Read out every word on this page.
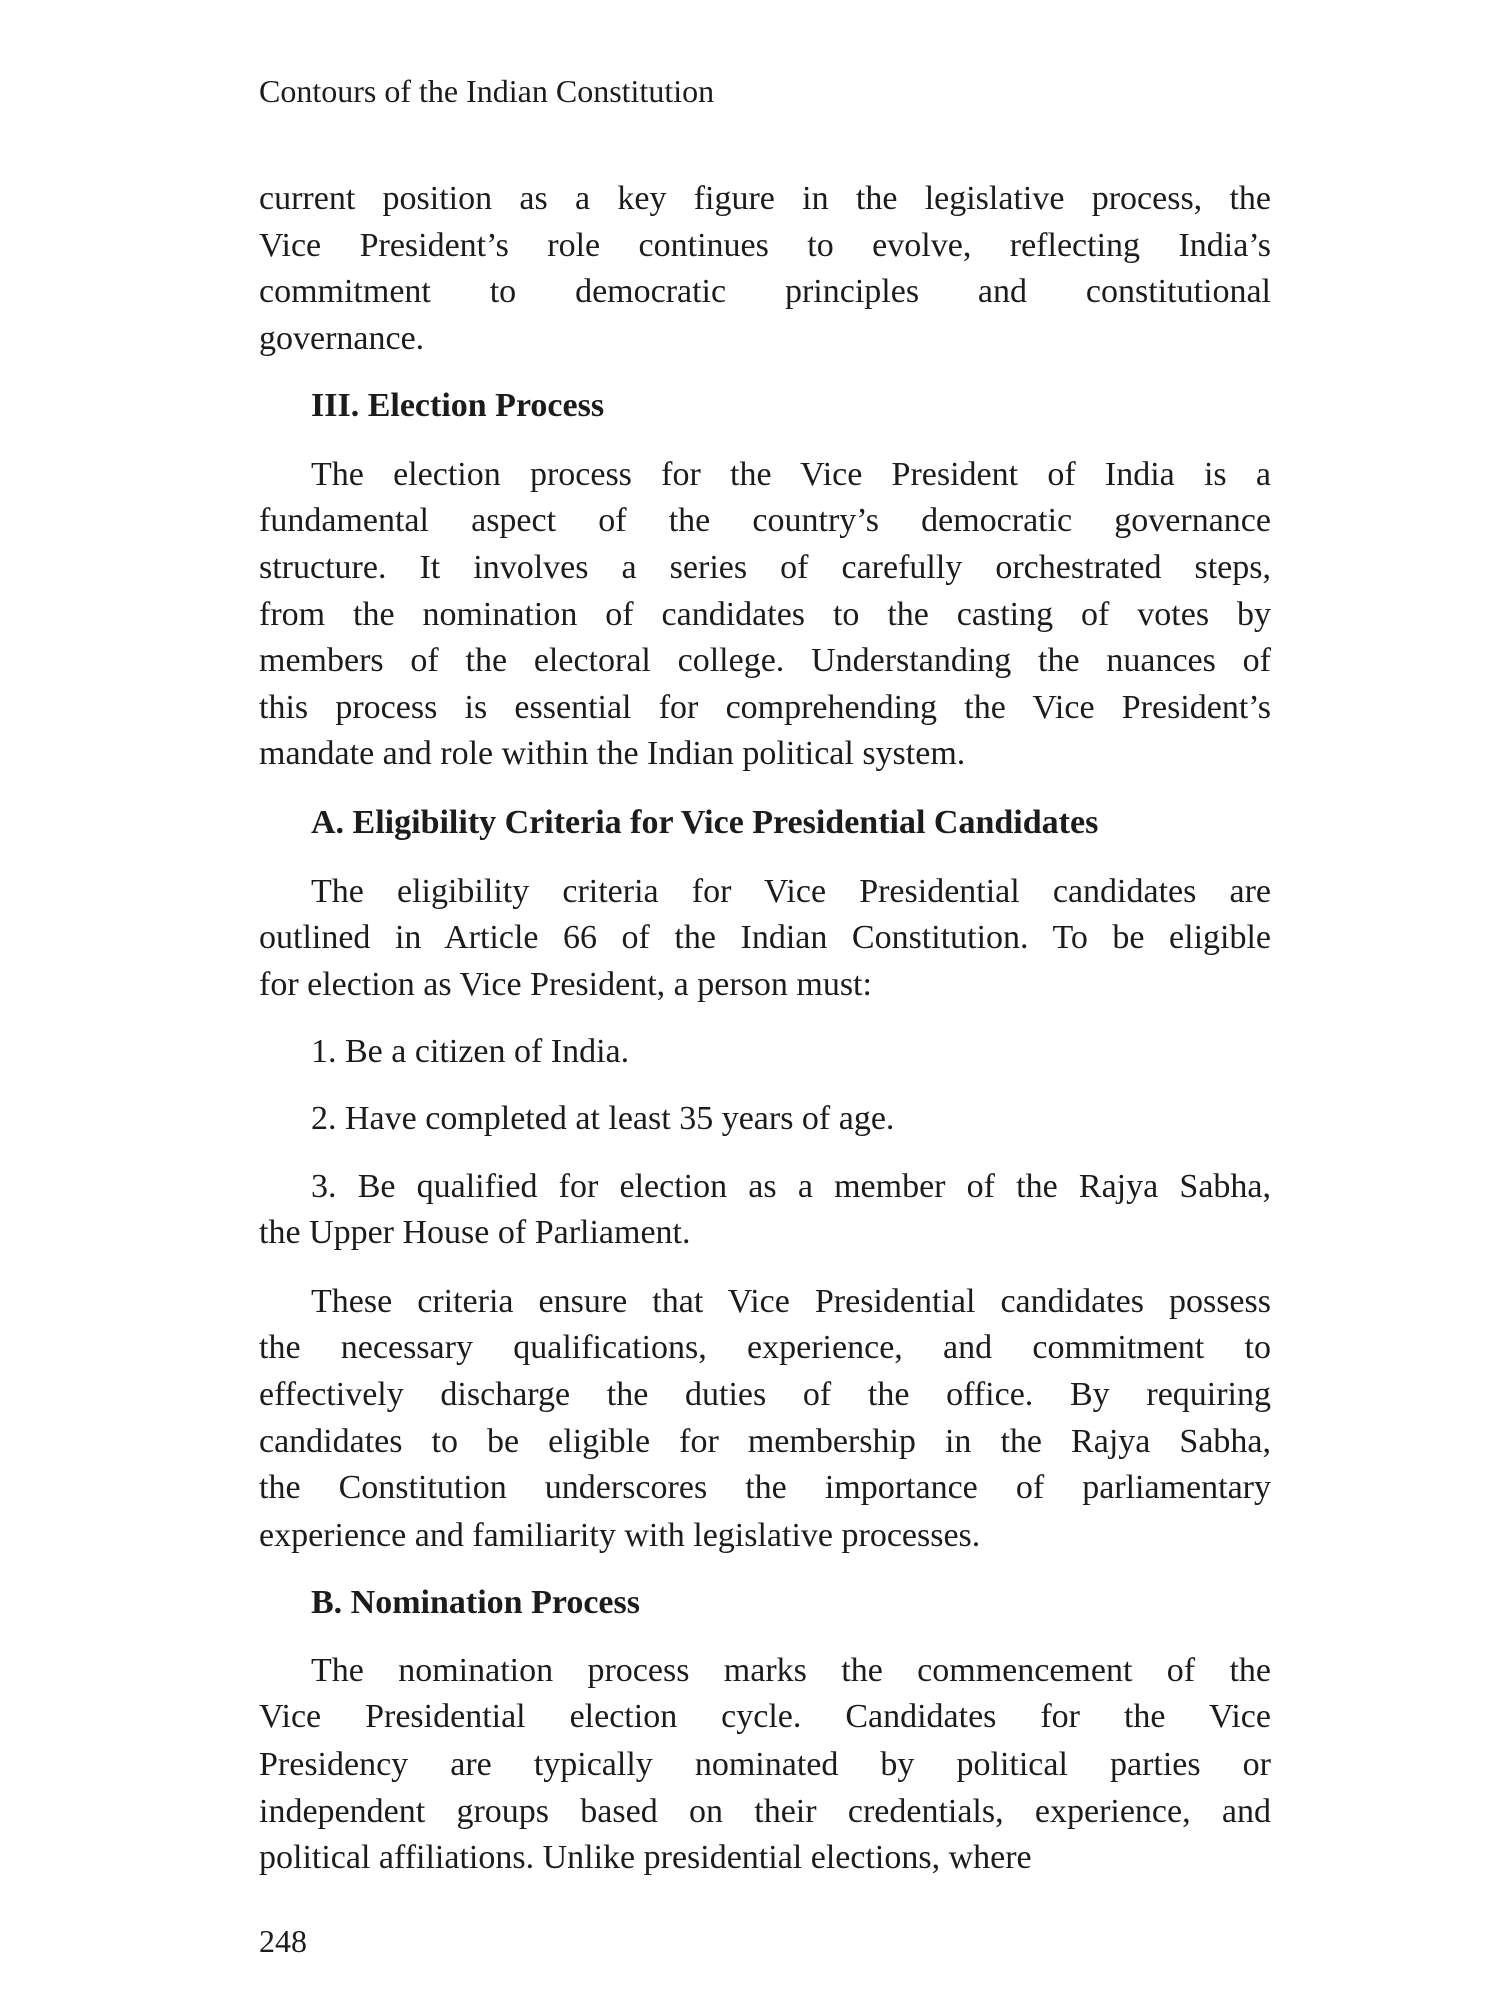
Contours of the Indian Constitution
current position as a key figure in the legislative process, the
Vice President’s role continues to evolve, reflecting India’s
commitment to democratic principles and constitutional
governance.
III. Election Process
The election process for the Vice President of India is a
fundamental aspect of the country’s democratic governance
structure. It involves a series of carefully orchestrated steps,
from the nomination of candidates to the casting of votes by
members of the electoral college. Understanding the nuances of
this process is essential for comprehending the Vice President’s
mandate and role within the Indian political system.
A. Eligibility Criteria for Vice Presidential Candidates
The eligibility criteria for Vice Presidential candidates are
outlined in Article 66 of the Indian Constitution. To be eligible
for election as Vice President, a person must:
1. Be a citizen of India.
2. Have completed at least 35 years of age.
3. Be qualified for election as a member of the Rajya Sabha,
the Upper House of Parliament.
These criteria ensure that Vice Presidential candidates possess
the necessary qualifications, experience, and commitment to
effectively discharge the duties of the office. By requiring
candidates to be eligible for membership in the Rajya Sabha,
the Constitution underscores the importance of parliamentary
experience and familiarity with legislative processes.
B. Nomination Process
The nomination process marks the commencement of the
Vice Presidential election cycle. Candidates for the Vice
Presidency are typically nominated by political parties or
independent groups based on their credentials, experience, and
political affiliations. Unlike presidential elections, where
248
